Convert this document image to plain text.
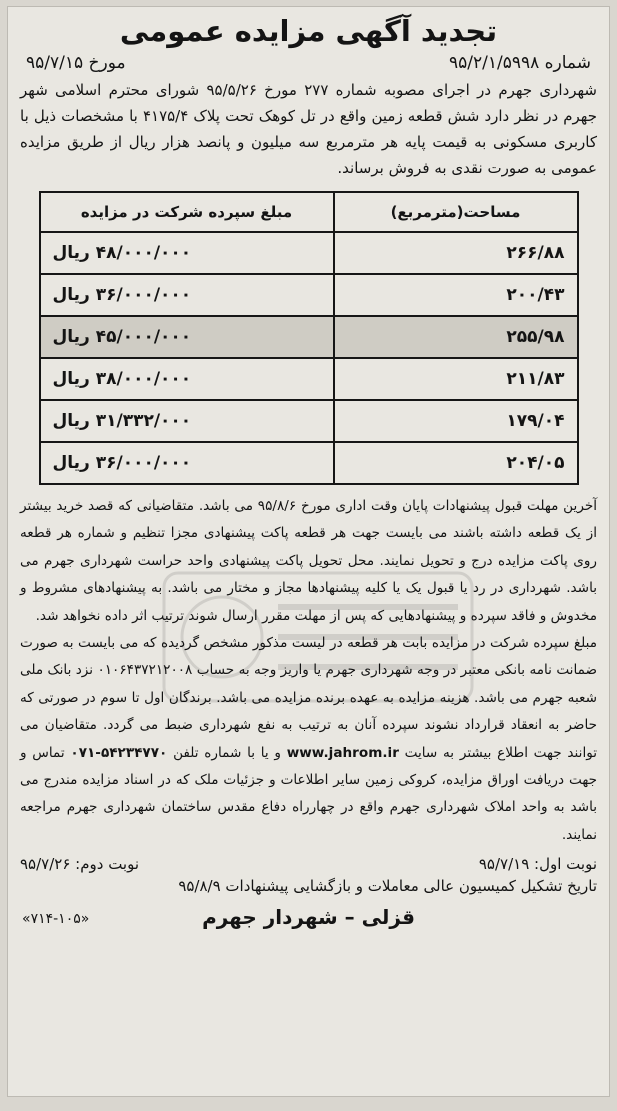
تجدید آگهی مزایده عمومی
شماره ۹۵/۲/۱/۵۹۹۸
مورخ ۹۵/۷/۱۵

شهرداری جهرم در اجرای مصوبه شماره ۲۷۷ مورخ ۹۵/۵/۲۶ شورای محترم اسلامی شهر جهرم در نظر دارد شش قطعه زمین واقع در تل کوهک تحت پلاک ۴۱۷۵/۴ با مشخصات ذیل با کاربری مسکونی به قیمت پایه هر مترمربع سه میلیون و پانصد هزار ریال از طریق مزایده عمومی به صورت نقدی به فروش برساند.

مساحت(مترمربع)	مبلغ سپرده شرکت در مزایده
۲۶۶/۸۸	۴۸/۰۰۰/۰۰۰ ریال
۲۰۰/۴۳	۳۶/۰۰۰/۰۰۰ ریال
۲۵۵/۹۸	۴۵/۰۰۰/۰۰۰ ریال
۲۱۱/۸۳	۳۸/۰۰۰/۰۰۰ ریال
۱۷۹/۰۴	۳۱/۳۳۲/۰۰۰ ریال
۲۰۴/۰۵	۳۶/۰۰۰/۰۰۰ ریال

آخرین مهلت قبول پیشنهادات پایان وقت اداری مورخ ۹۵/۸/۶ می باشد. متقاضیانی که قصد خرید بیشتر از یک قطعه داشته باشند می بایست جهت هر قطعه پاکت پیشنهادی مجزا تنظیم و شماره هر قطعه روی پاکت مزایده درج و تحویل نمایند. محل تحویل پاکت پیشنهادی واحد حراست شهرداری جهرم می باشد. شهرداری در رد یا قبول یک یا کلیه پیشنهادها مجاز و مختار می باشد. به پیشنهادهای مشروط و مخدوش و فاقد سپرده و پیشنهادهایی که پس از مهلت مقرر ارسال شوند ترتیب اثر داده نخواهد شد.

مبلغ سپرده شرکت در مزایده بابت هر قطعه در لیست مذکور مشخص گردیده که می بایست به صورت ضمانت نامه بانکی معتبر در وجه شهرداری جهرم یا واریز وجه به حساب ۰۱۰۶۴۳۷۲۱۲۰۰۸ نزد بانک ملی شعبه جهرم می باشد. هزینه مزایده به عهده برنده مزایده می باشد. برندگان اول تا سوم در صورتی که حاضر به انعقاد قرارداد نشوند سپرده آنان به ترتیب به نفع شهرداری ضبط می گردد. متقاضیان می توانند جهت اطلاع بیشتر به سایت www.jahrom.ir و یا با شماره تلفن ۰۷۱-۵۴۲۳۴۷۷۰ تماس و جهت دریافت اوراق مزایده، کروکی زمین سایر اطلاعات و جزئیات ملک که در اسناد مزایده مندرج می باشد به واحد املاک شهرداری جهرم واقع در چهارراه دفاع مقدس ساختمان شهرداری جهرم مراجعه نمایند.

نوبت اول: ۹۵/۷/۱۹
نوبت دوم: ۹۵/۷/۲۶
تاریخ تشکیل کمیسیون عالی معاملات و بازگشایی پیشنهادات ۹۵/۸/۹
قزلی – شهردار جهرم
«۷۱۴-۱۰۵»
